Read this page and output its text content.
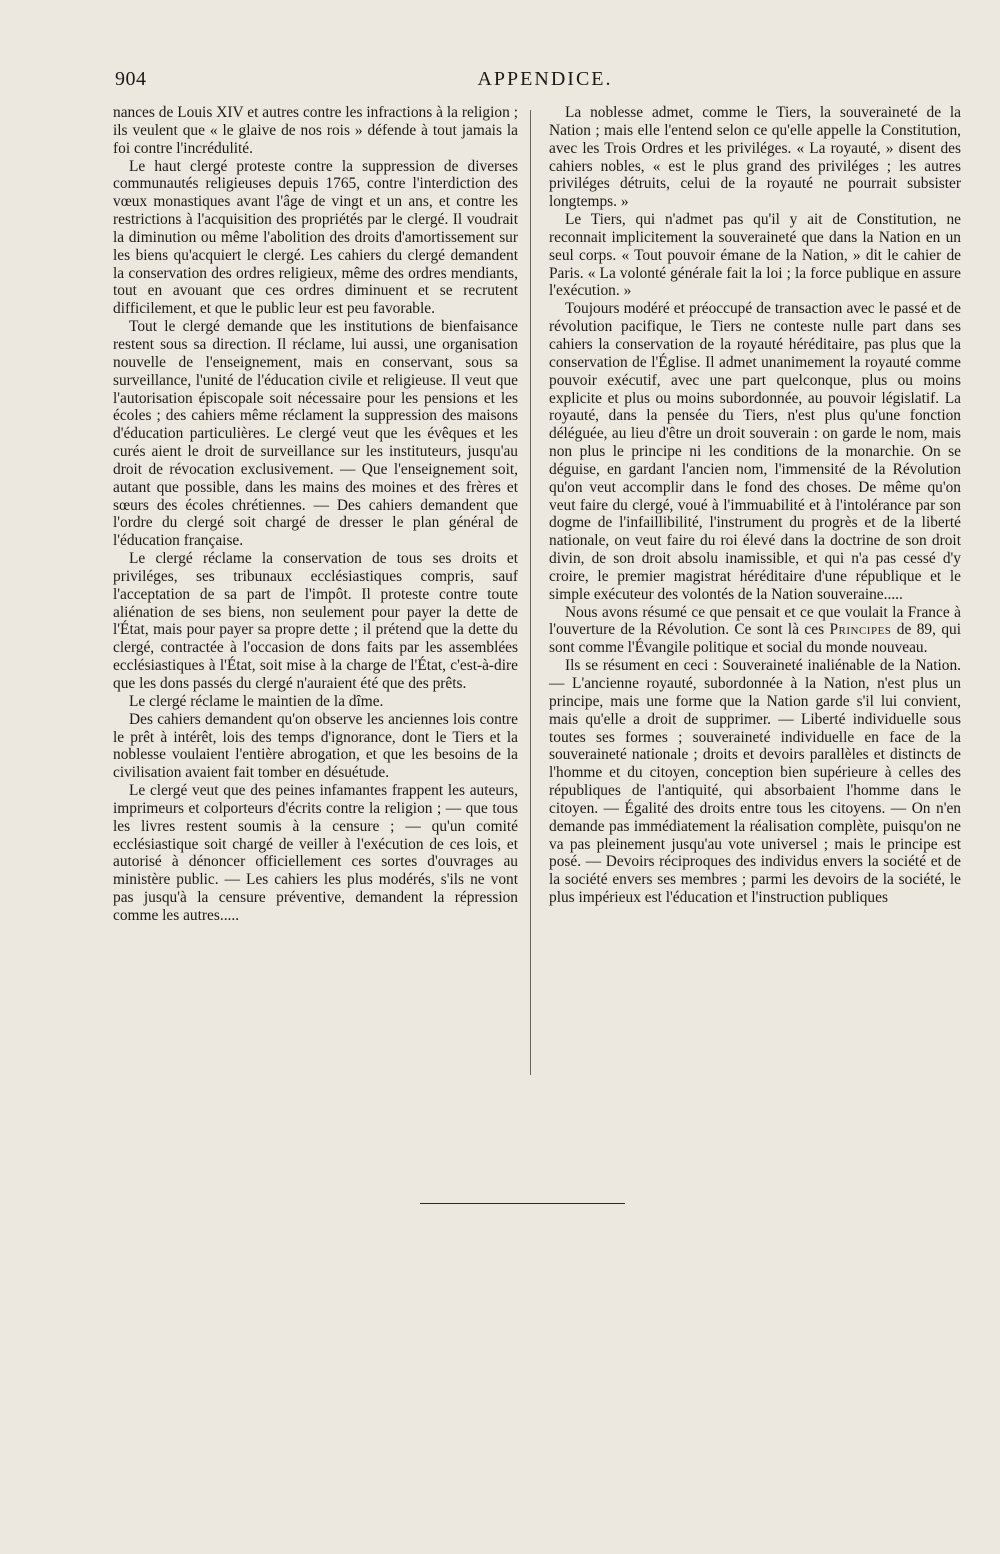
904	APPENDICE.

nances de Louis XIV et autres contre les infractions à la religion ; ils veulent que « le glaive de nos rois » défende à tout jamais la foi contre l'incrédulité.

Le haut clergé proteste contre la suppression de diverses communautés religieuses depuis 1765, contre l'interdiction des vœux monastiques avant l'âge de vingt et un ans, et contre les restrictions à l'acquisition des propriétés par le clergé. Il voudrait la diminution ou même l'abolition des droits d'amortissement sur les biens qu'acquiert le clergé. Les cahiers du clergé demandent la conservation des ordres religieux, même des ordres mendiants, tout en avouant que ces ordres diminuent et se recrutent difficilement, et que le public leur est peu favorable.

Tout le clergé demande que les institutions de bienfaisance restent sous sa direction. Il réclame, lui aussi, une organisation nouvelle de l'enseignement, mais en conservant, sous sa surveillance, l'unité de l'éducation civile et religieuse. Il veut que l'autorisation épiscopale soit nécessaire pour les pensions et les écoles ; des cahiers même réclament la suppression des maisons d'éducation particulières. Le clergé veut que les évêques et les curés aient le droit de surveillance sur les instituteurs, jusqu'au droit de révocation exclusivement. — Que l'enseignement soit, autant que possible, dans les mains des moines et des frères et sœurs des écoles chrétiennes. — Des cahiers demandent que l'ordre du clergé soit chargé de dresser le plan général de l'éducation française.

Le clergé réclame la conservation de tous ses droits et priviléges, ses tribunaux ecclésiastiques compris, sauf l'acceptation de sa part de l'impôt. Il proteste contre toute aliénation de ses biens, non seulement pour payer la dette de l'État, mais pour payer sa propre dette ; il prétend que la dette du clergé, contractée à l'occasion de dons faits par les assemblées ecclésiastiques à l'État, soit mise à la charge de l'État, c'est-à-dire que les dons passés du clergé n'auraient été que des prêts.

Le clergé réclame le maintien de la dîme.

Des cahiers demandent qu'on observe les anciennes lois contre le prêt à intérêt, lois des temps d'ignorance, dont le Tiers et la noblesse voulaient l'entière abrogation, et que les besoins de la civilisation avaient fait tomber en désuétude.

Le clergé veut que des peines infamantes frappent les auteurs, imprimeurs et colporteurs d'écrits contre la religion ; — que tous les livres restent soumis à la censure ; — qu'un comité ecclésiastique soit chargé de veiller à l'exécution de ces lois, et autorisé à dénoncer officiellement ces sortes d'ouvrages au ministère public. — Les cahiers les plus modérés, s'ils ne vont pas jusqu'à la censure préventive, demandent la répression comme les autres.....

La noblesse admet, comme le Tiers, la souveraineté de la Nation ; mais elle l'entend selon ce qu'elle appelle la Constitution, avec les Trois Ordres et les priviléges. « La royauté, » disent des cahiers nobles, « est le plus grand des priviléges ; les autres priviléges détruits, celui de la royauté ne pourrait subsister longtemps. »

Le Tiers, qui n'admet pas qu'il y ait de Constitution, ne reconnait implicitement la souveraineté que dans la Nation en un seul corps. « Tout pouvoir émane de la Nation, » dit le cahier de Paris. « La volonté générale fait la loi ; la force publique en assure l'exécution. »

Toujours modéré et préoccupé de transaction avec le passé et de révolution pacifique, le Tiers ne conteste nulle part dans ses cahiers la conservation de la royauté héréditaire, pas plus que la conservation de l'Église. Il admet unanimement la royauté comme pouvoir exécutif, avec une part quelconque, plus ou moins explicite et plus ou moins subordonnée, au pouvoir législatif. La royauté, dans la pensée du Tiers, n'est plus qu'une fonction déléguée, au lieu d'être un droit souverain : on garde le nom, mais non plus le principe ni les conditions de la monarchie. On se déguise, en gardant l'ancien nom, l'immensité de la Révolution qu'on veut accomplir dans le fond des choses. De même qu'on veut faire du clergé, voué à l'immuabilité et à l'intolérance par son dogme de l'infaillibilité, l'instrument du progrès et de la liberté nationale, on veut faire du roi élevé dans la doctrine de son droit divin, de son droit absolu inamissible, et qui n'a pas cessé d'y croire, le premier magistrat héréditaire d'une république et le simple exécuteur des volontés de la Nation souveraine.....

Nous avons résumé ce que pensait et ce que voulait la France à l'ouverture de la Révolution. Ce sont là ces Principes de 89, qui sont comme l'Évangile politique et social du monde nouveau.

Ils se résument en ceci : Souveraineté inaliénable de la Nation. — L'ancienne royauté, subordonnée à la Nation, n'est plus un principe, mais une forme que la Nation garde s'il lui convient, mais qu'elle a droit de supprimer. — Liberté individuelle sous toutes ses formes ; souveraineté individuelle en face de la souveraineté nationale ; droits et devoirs parallèles et distincts de l'homme et du citoyen, conception bien supérieure à celles des républiques de l'antiquité, qui absorbaient l'homme dans le citoyen. — Égalité des droits entre tous les citoyens. — On n'en demande pas immédiatement la réalisation complète, puisqu'on ne va pas pleinement jusqu'au vote universel ; mais le principe est posé. — Devoirs réciproques des individus envers la société et de la société envers ses membres ; parmi les devoirs de la société, le plus impérieux est l'éducation et l'instruction publiques
